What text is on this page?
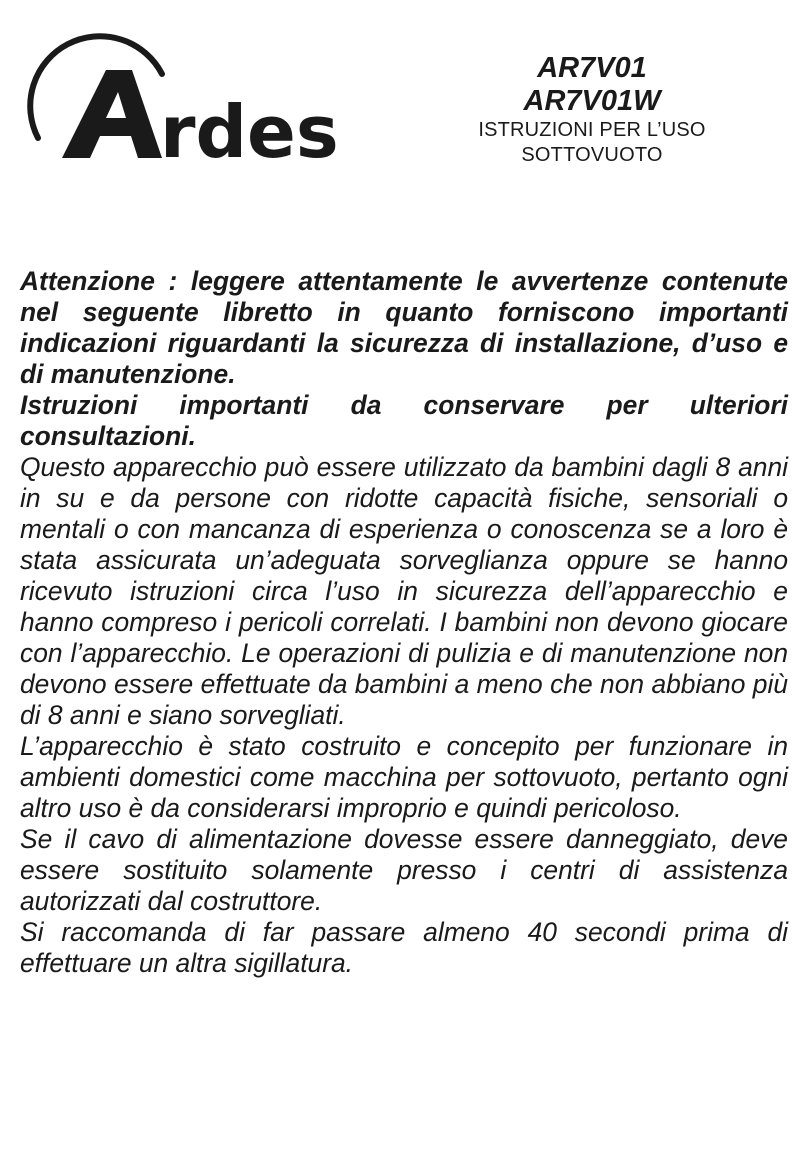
rdes
AR7V01
AR7V01W
ISTRUZIONI PER L’USO
SOTTOVUOTO

Attenzione : leggere attentamente le avvertenze contenute nel seguente libretto in quanto forniscono importanti indicazioni riguardanti la sicurezza di installazione, d’uso e di manutenzione.

Istruzioni importanti da conservare per ulteriori consultazioni.

Questo apparecchio può essere utilizzato da bambini dagli 8 anni in su e da persone con ridotte capacità fisiche, sensoriali o mentali o con mancanza di esperienza o conoscenza se a loro è stata assicurata un’adeguata sorveglianza oppure se hanno ricevuto istruzioni circa l’uso in sicurezza dell’apparecchio e hanno compreso i pericoli correlati. I bambini non devono giocare con l’apparecchio. Le operazioni di pulizia e di manutenzione non devono essere effettuate da bambini a meno che non abbiano più di 8 anni e siano sorvegliati.

L’apparecchio è stato costruito e concepito per funzionare in ambienti domestici come macchina per sottovuoto, pertanto ogni altro uso è da considerarsi improprio e quindi pericoloso.

Se il cavo di alimentazione dovesse essere danneggiato, deve essere sostituito solamente presso i centri di assistenza autorizzati dal costruttore.

Si raccomanda di far passare almeno 40 secondi prima di effettuare un altra sigillatura.
